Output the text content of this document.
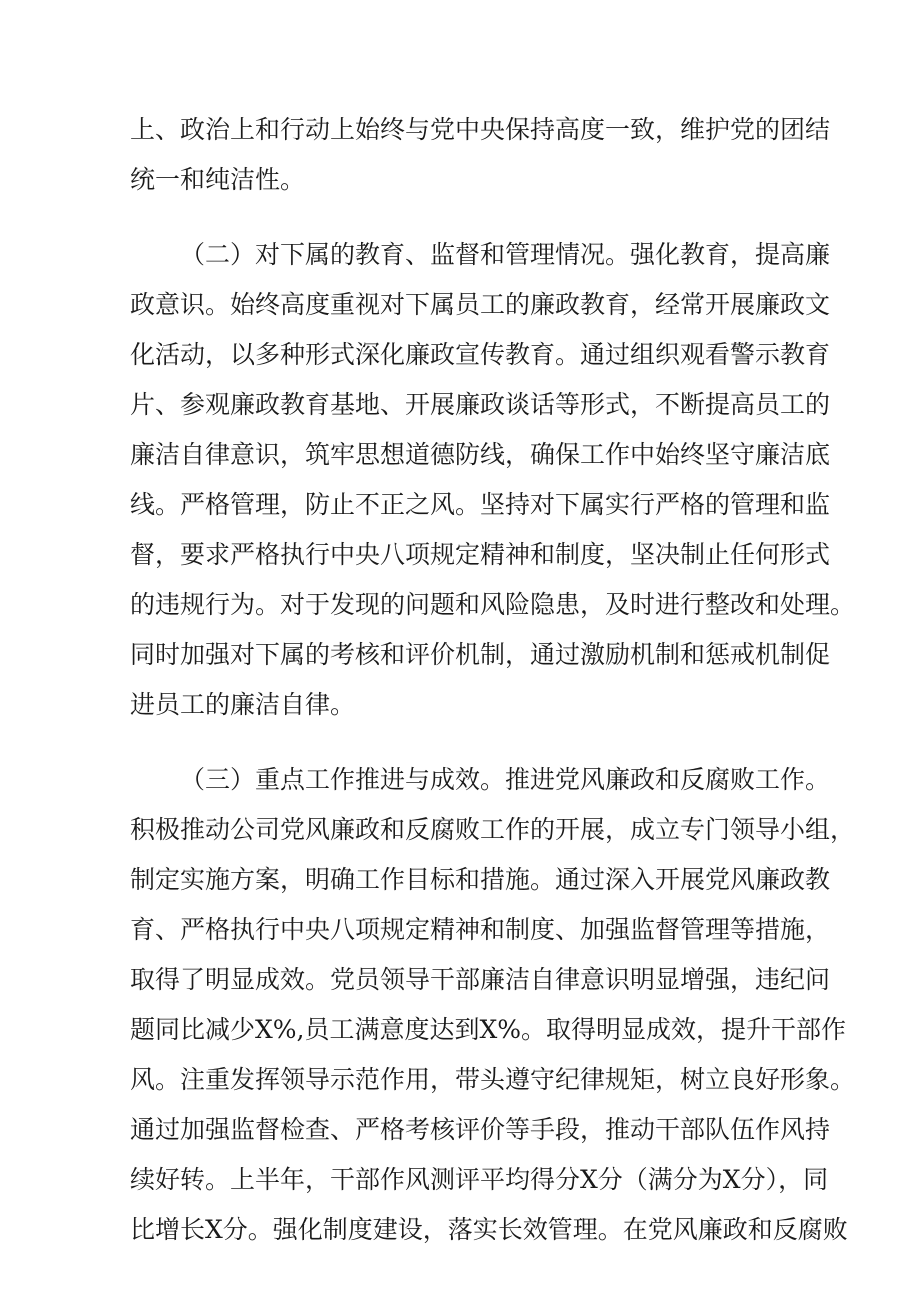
上、政治上和行动上始终与党中央保持高度一致，维护党的团结
统一和纯洁性。
（二）对下属的教育、监督和管理情况。强化教育，提高廉
政意识。始终高度重视对下属员工的廉政教育，经常开展廉政文
化活动，以多种形式深化廉政宣传教育。通过组织观看警示教育
片、参观廉政教育基地、开展廉政谈话等形式，不断提高员工的
廉洁自律意识，筑牢思想道德防线，确保工作中始终坚守廉洁底
线。严格管理，防止不正之风。坚持对下属实行严格的管理和监
督，要求严格执行中央八项规定精神和制度，坚决制止任何形式
的违规行为。对于发现的问题和风险隐患，及时进行整改和处理。
同时加强对下属的考核和评价机制，通过激励机制和惩戒机制促
进员工的廉洁自律。
（三）重点工作推进与成效。推进党风廉政和反腐败工作。
积极推动公司党风廉政和反腐败工作的开展，成立专门领导小组，
制定实施方案，明确工作目标和措施。通过深入开展党风廉政教
育、严格执行中央八项规定精神和制度、加强监督管理等措施，
取得了明显成效。党员领导干部廉洁自律意识明显增强，违纪问
题同比减少X%,员工满意度达到X%。取得明显成效，提升干部作
风。注重发挥领导示范作用，带头遵守纪律规矩，树立良好形象。
通过加强监督检查、严格考核评价等手段，推动干部队伍作风持
续好转。上半年，干部作风测评平均得分X分（满分为X分），同
比增长X分。强化制度建设，落实长效管理。在党风廉政和反腐败
